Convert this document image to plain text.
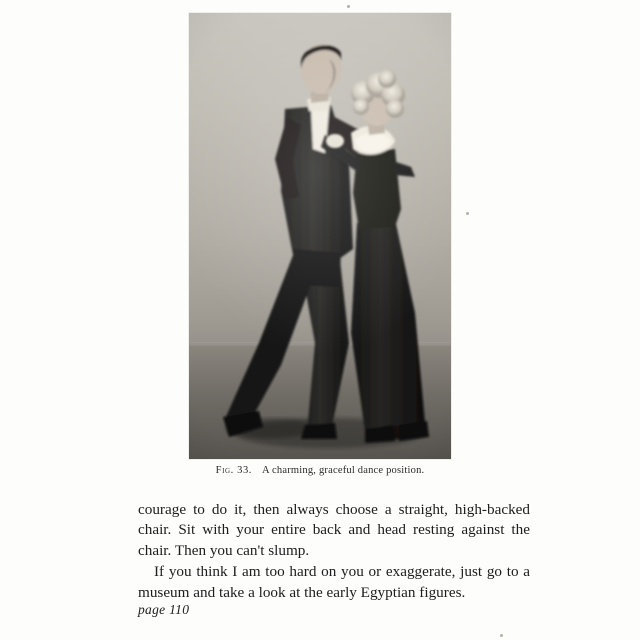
Fig. 33. A charming, graceful dance position.

courage to do it, then always choose a straight, high-backed chair. Sit with your entire back and head resting against the chair. Then you can't slump.

If you think I am too hard on you or exaggerate, just go to a museum and take a look at the early Egyptian figures.

page 110
